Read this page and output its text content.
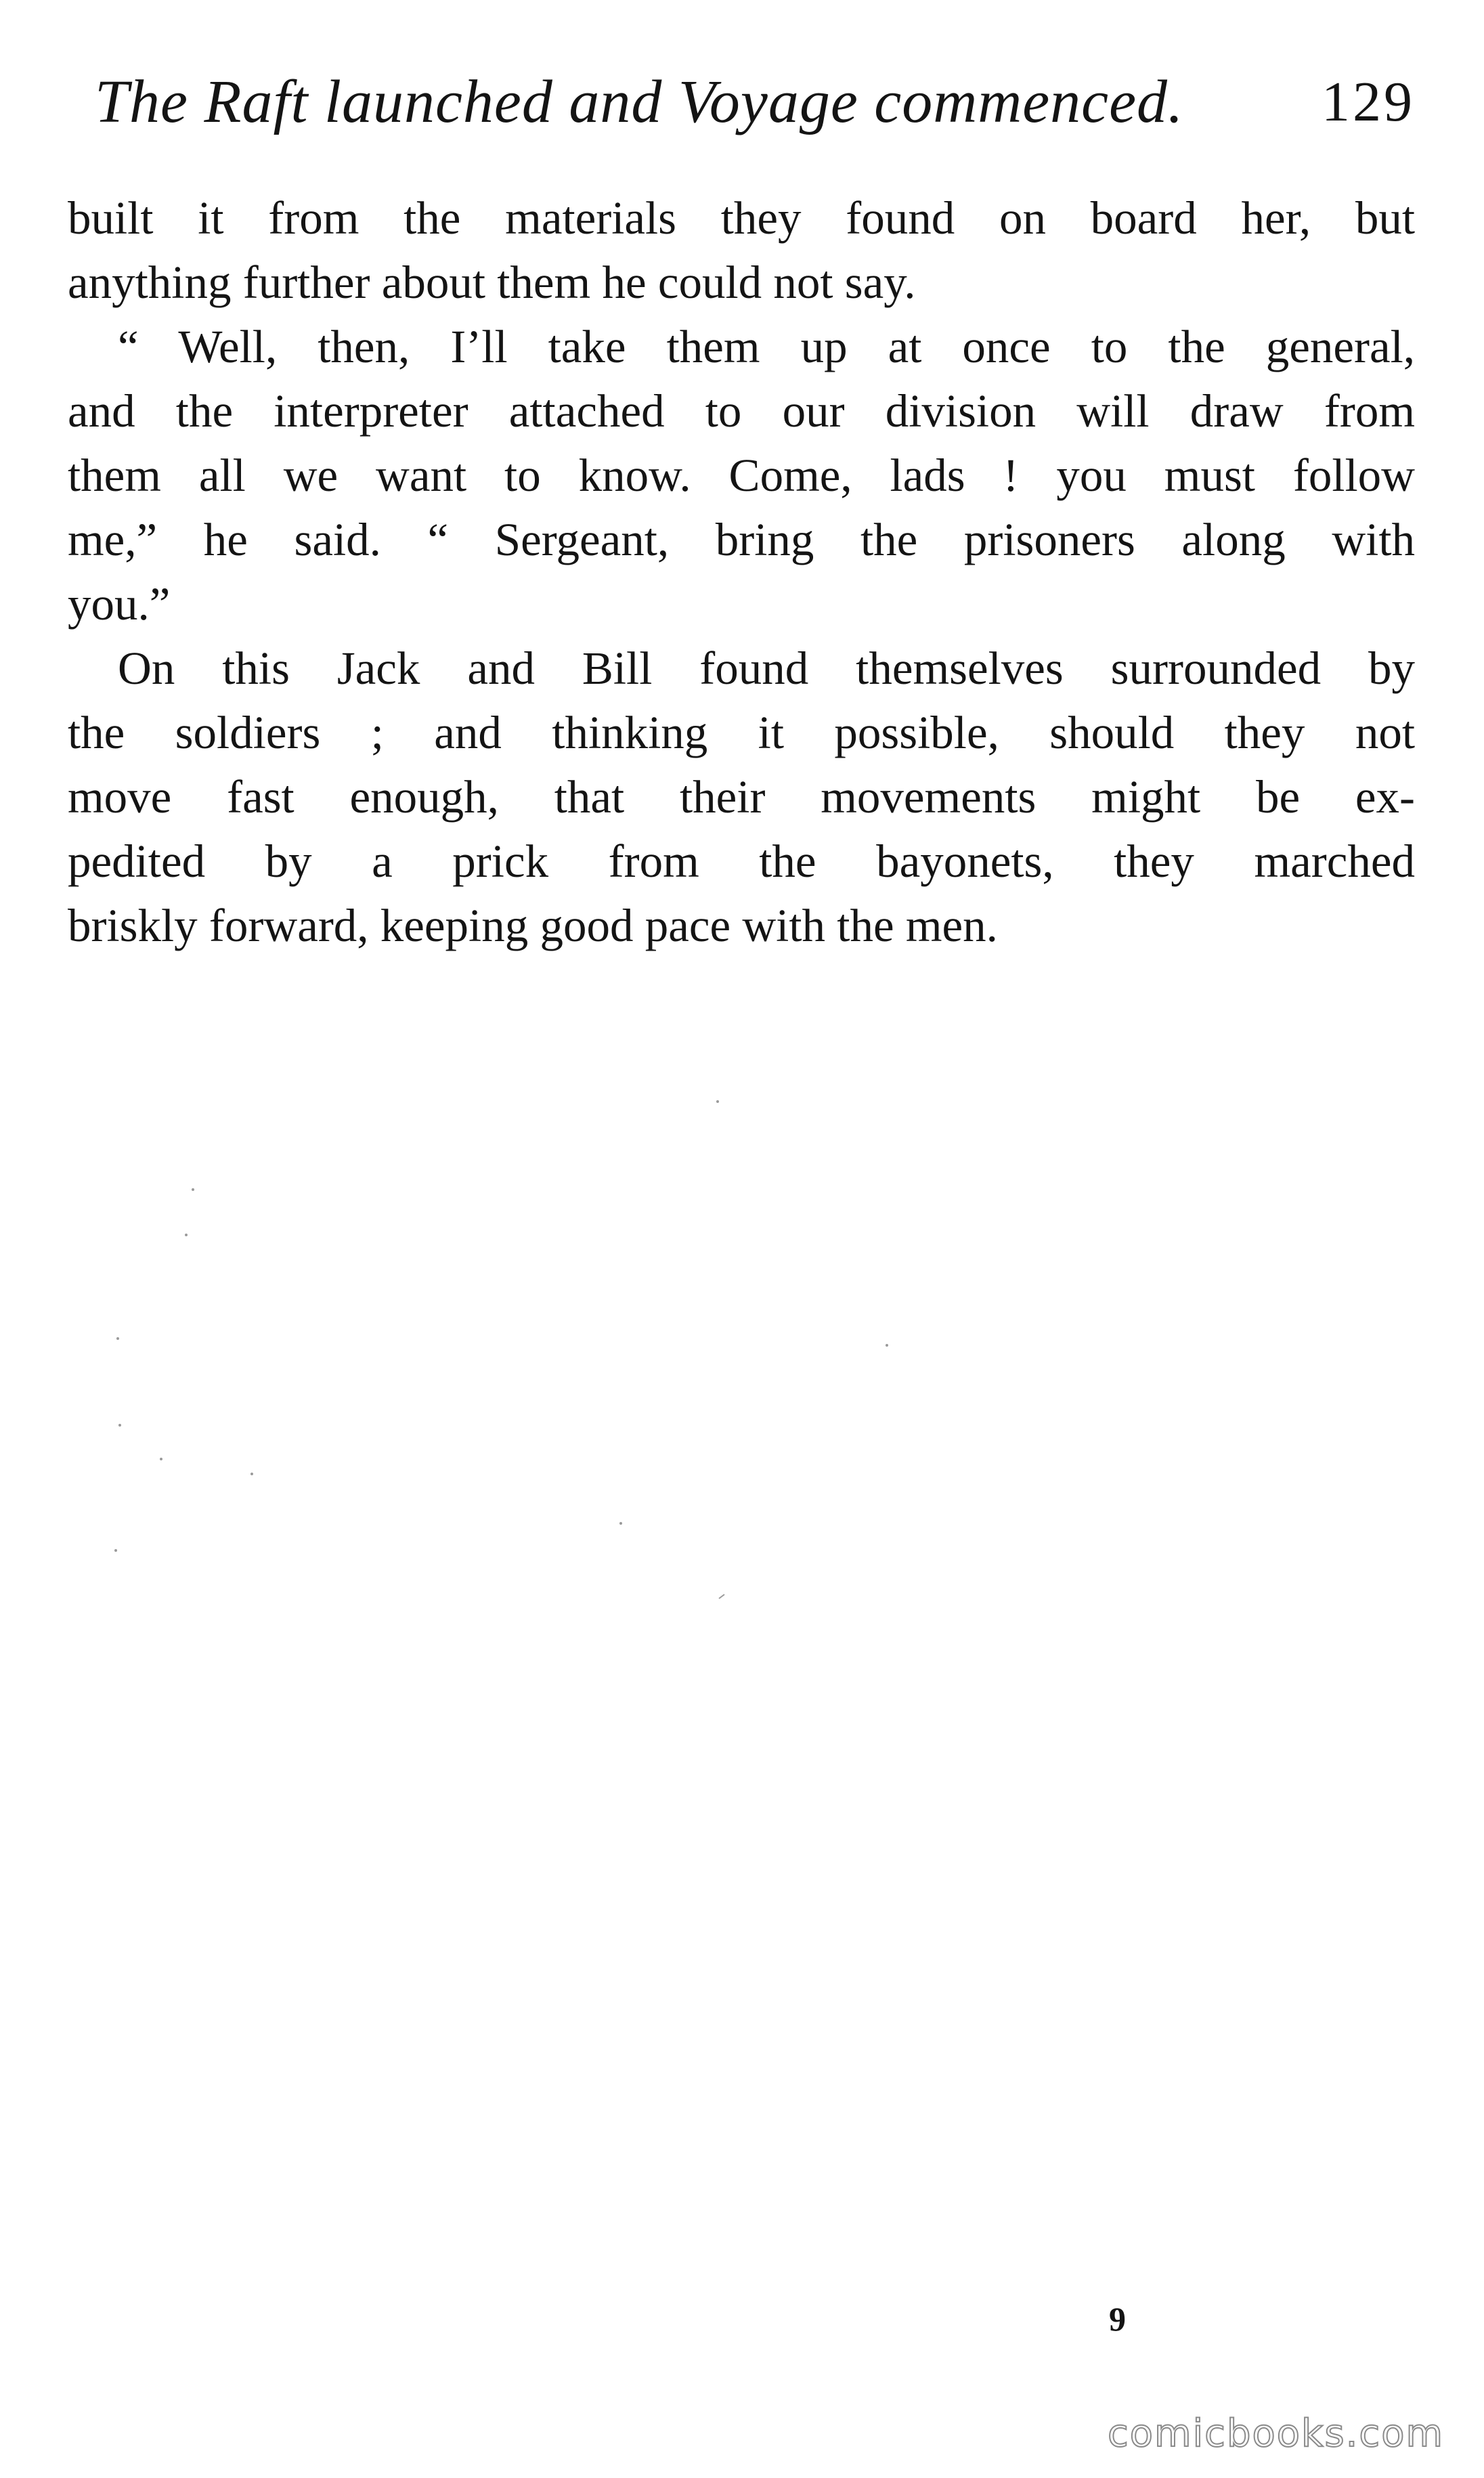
The Raft launched and Voyage commenced. 129
built it from the materials they found on board her, but
anything further about them he could not say.
“ Well, then, I’ll take them up at once to the general,
and the interpreter attached to our division will draw from
them all we want to know. Come, lads ! you must follow
me,” he said. “ Sergeant, bring the prisoners along with
you.”
On this Jack and Bill found themselves surrounded by
the soldiers ; and thinking it possible, should they not
move fast enough, that their movements might be ex-
pedited by a prick from the bayonets, they marched
briskly forward, keeping good pace with the men.
9
comicbooks.com
